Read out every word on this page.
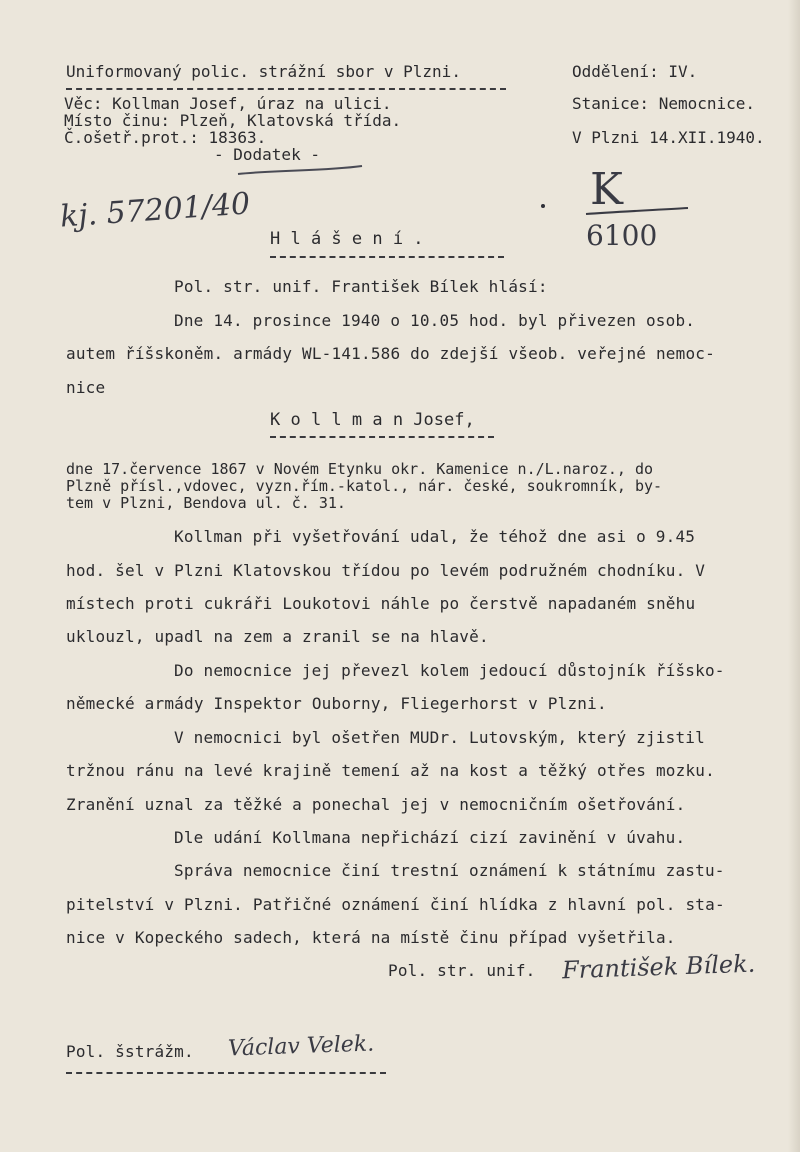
Uniformovaný polic. strážní sbor v Plzni.
Věc: Kollman Josef, úraz na ulici.
Místo činu: Plzeň, Klatovská třída.
Č.ošetř.prot.: 18363.
- Dodatek -
Oddělení: IV.
Stanice: Nemocnice.
V Plzni 14.XII.1940.
kj. 57201/40	K
6100
H l á š e n í .
Pol. str. unif. František Bílek hlásí:
Dne 14. prosince 1940 o 10.05 hod. byl přivezen osob.
autem říšskoněm. armády WL-141.586 do zdejší všeob. veřejné nemoc-
nice
K o l l m a n Josef,
dne 17.července 1867 v Novém Etynku okr. Kamenice n./L.naroz., do
Plzně přísl.,vdovec, vyzn.řím.-katol., nár. české, soukromník, by-
tem v Plzni, Bendova ul. č. 31.
Kollman při vyšetřování udal, že téhož dne asi o 9.45
hod. šel v Plzni Klatovskou třídou po levém podružném chodníku. V
místech proti cukráři Loukotovi náhle po čerstvě napadaném sněhu
uklouzl, upadl na zem a zranil se na hlavě.
Do nemocnice jej převezl kolem jedoucí důstojník říšsko-
německé armády Inspektor Ouborny, Fliegerhorst v Plzni.
V nemocnici byl ošetřen MUDr. Lutovským, který zjistil
tržnou ránu na levé krajině temení až na kost a těžký otřes mozku.
Zranění uznal za těžké a ponechal jej v nemocničním ošetřování.
Dle udání Kollmana nepřichází cizí zavinění v úvahu.
Správa nemocnice činí trestní oznámení k státnímu zastu-
pitelství v Plzni. Patřičné oznámení činí hlídka z hlavní pol. sta-
nice v Kopeckého sadech, která na místě činu případ vyšetřila.
Pol. str. unif. František Bílek.
Pol. šstrážm. Václav Velek.
